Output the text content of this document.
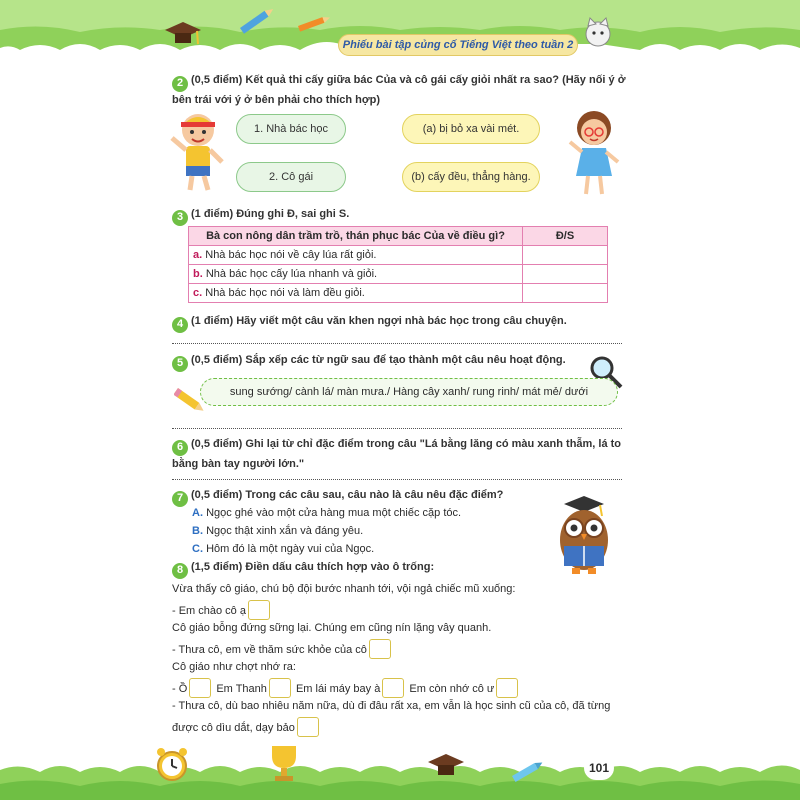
Phiếu bài tập củng cố Tiếng Việt theo tuần 2
2 (0,5 điểm) Kết quả thi cấy giữa bác Của và cô gái cấy giỏi nhất ra sao? (Hãy nối ý ở bên trái với ý ở bên phải cho thích hợp)
1. Nhà bác học
2. Cô gái
(a) bị bỏ xa vài mét.
(b) cấy đều, thẳng hàng.
3 (1 điểm) Đúng ghi Đ, sai ghi S.
Bà con nông dân trầm trồ, thán phục bác Của về điều gì?	Đ/S
a. Nhà bác học nói về cây lúa rất giỏi.	
b. Nhà bác học cấy lúa nhanh và giỏi.	
c. Nhà bác học nói và làm đều giỏi.	
4 (1 điểm) Hãy viết một câu văn khen ngợi nhà bác học trong câu chuyện.
5 (0,5 điểm) Sắp xếp các từ ngữ sau để tạo thành một câu nêu hoạt động.
sung sướng/ cành lá/ màn mưa./ Hàng cây xanh/ rung rinh/ mát mẻ/ dưới
6 (0,5 điểm) Ghi lại từ chỉ đặc điểm trong câu "Lá bằng lăng có màu xanh thẫm, lá to bằng bàn tay người lớn."
7 (0,5 điểm) Trong các câu sau, câu nào là câu nêu đặc điểm?
A. Ngọc ghé vào một cửa hàng mua một chiếc cặp tóc.
B. Ngọc thật xinh xắn và đáng yêu.
C. Hôm đó là một ngày vui của Ngọc.
8 (1,5 điểm) Điền dấu câu thích hợp vào ô trống:
Vừa thấy cô giáo, chú bộ đội bước nhanh tới, vội ngả chiếc mũ xuống:
- Em chào cô ạ
Cô giáo bỗng đứng sững lại. Chúng em cũng nín lặng vây quanh.
- Thưa cô, em về thăm sức khỏe của cô
Cô giáo như chợt nhớ ra:
- Ồ	Em Thanh	Em lái máy bay à	Em còn nhớ cô ư
- Thưa cô, dù bao nhiêu năm nữa, dù đi đâu rất xa, em vẫn là học sinh cũ của cô, đã từng
được cô dìu dắt, dạy bảo
101
